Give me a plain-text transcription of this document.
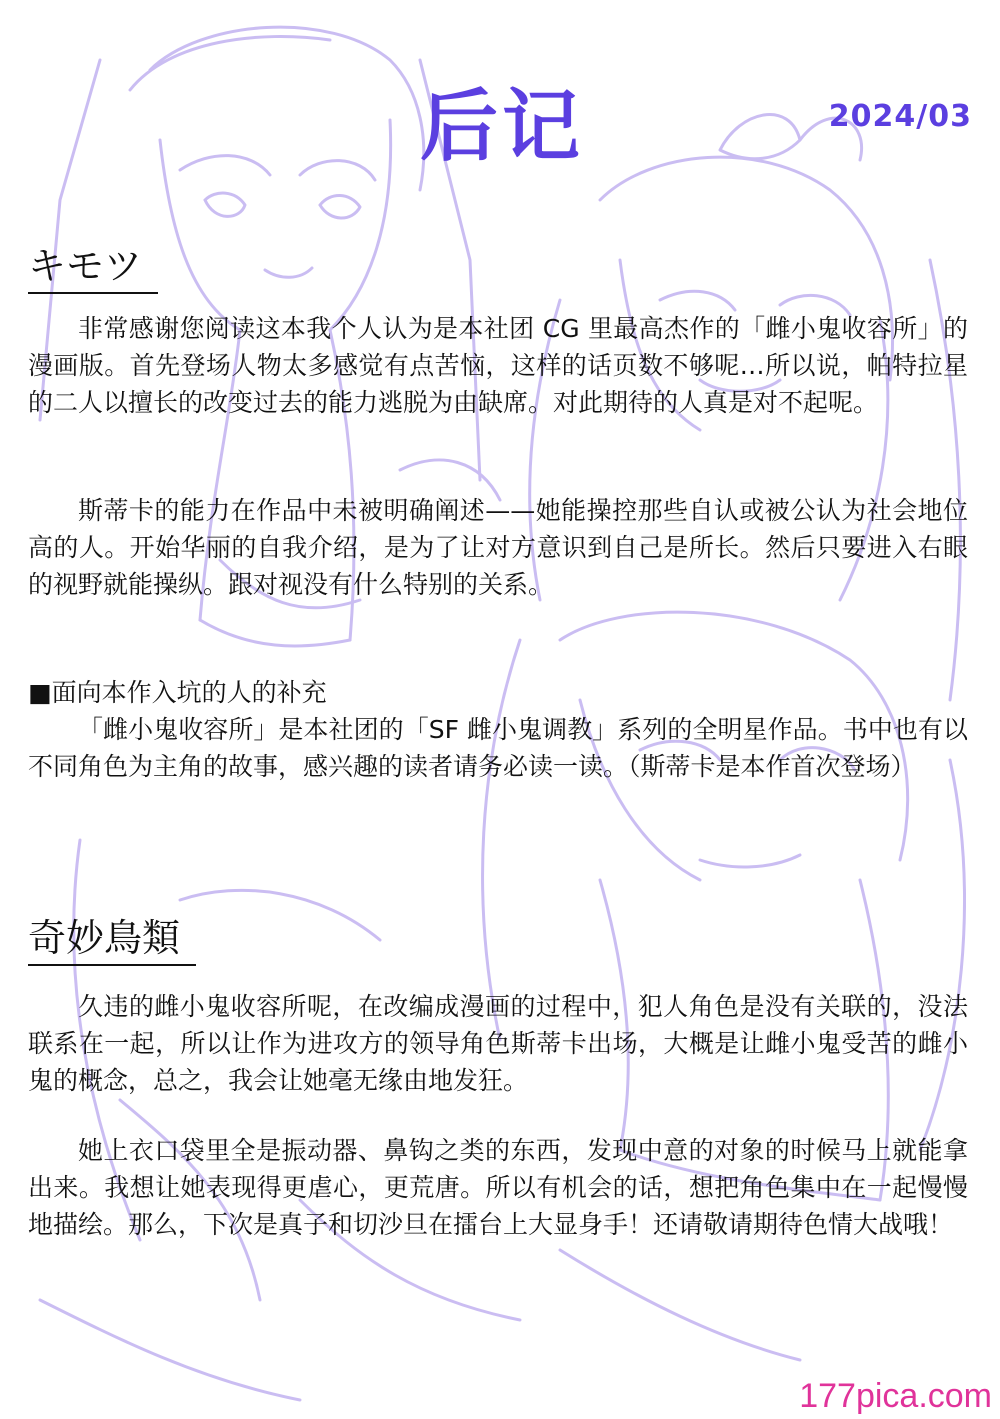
后记	2024/03
キモツ

非常感谢您阅读这本我个人认为是本社团 CG 里最高杰作的「雌小鬼收容所」的漫画版。首先登场人物太多感觉有点苦恼，这样的话页数不够呢…所以说，帕特拉星的二人以擅长的改变过去的能力逃脱为由缺席。对此期待的人真是对不起呢。

斯蒂卡的能力在作品中未被明确阐述——她能操控那些自认或被公认为社会地位高的人。开始华丽的自我介绍，是为了让对方意识到自己是所长。然后只要进入右眼的视野就能操纵。跟对视没有什么特别的关系。

■面向本作入坑的人的补充
「雌小鬼收容所」是本社团的「SF 雌小鬼调教」系列的全明星作品。书中也有以不同角色为主角的故事，感兴趣的读者请务必读一读。（斯蒂卡是本作首次登场）
奇妙鳥類

久违的雌小鬼收容所呢，在改编成漫画的过程中，犯人角色是没有关联的，没法联系在一起，所以让作为进攻方的领导角色斯蒂卡出场，大概是让雌小鬼受苦的雌小鬼的概念，总之，我会让她毫无缘由地发狂。

她上衣口袋里全是振动器、鼻钩之类的东西，发现中意的对象的时候马上就能拿出来。我想让她表现得更虐心，更荒唐。所以有机会的话，想把角色集中在一起慢慢地描绘。那么，下次是真子和切沙旦在擂台上大显身手！还请敬请期待色情大战哦！

177pica.com
